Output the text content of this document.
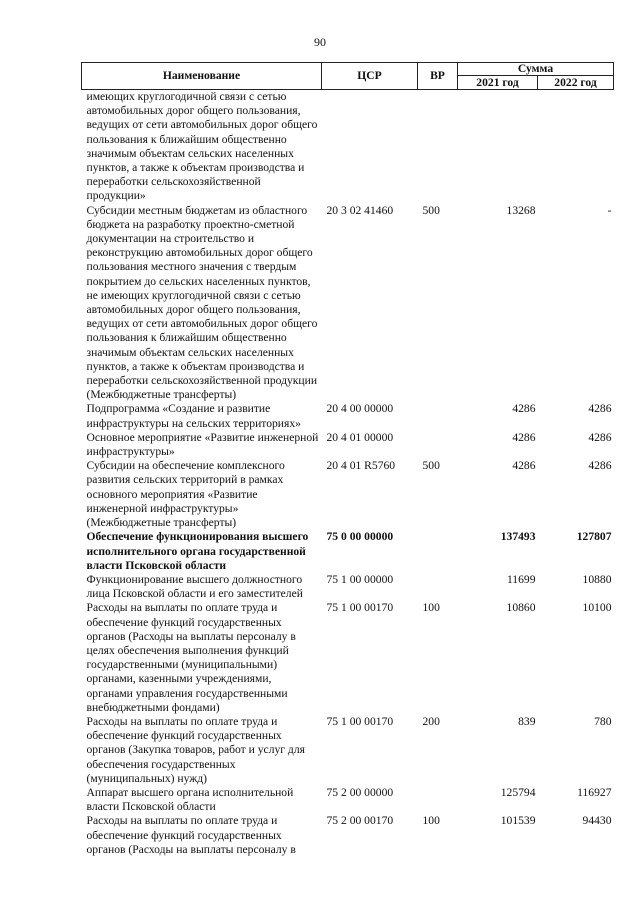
90
Наименование	ЦСР	ВР	Сумма	
			2021 год	2022 год
имеющих круглогодичной связи с сетью автомобильных дорог общего пользования, ведущих от сети автомобильных дорог общего пользования к ближайшим общественно значимым объектам сельских населенных пунктов, а также к объектам производства и переработки сельскохозяйственной продукции»				
Субсидии местным бюджетам из областного бюджета на разработку проектно-сметной документации на строительство и реконструкцию автомобильных дорог общего пользования местного значения с твердым покрытием до сельских населенных пунктов, не имеющих круглогодичной связи с сетью автомобильных дорог общего пользования, ведущих от сети автомобильных дорог общего пользования к ближайшим общественно значимым объектам сельских населенных пунктов, а также к объектам производства и переработки сельскохозяйственной продукции (Межбюджетные трансферты)	20 3 02 41460	500	13268	-
Подпрограмма «Создание и развитие инфраструктуры на сельских территориях»	20 4 00 00000		4286	4286
Основное мероприятие «Развитие инженерной инфраструктуры»	20 4 01 00000		4286	4286
Субсидии на обеспечение комплексного развития сельских территорий в рамках основного мероприятия «Развитие инженерной инфраструктуры» (Межбюджетные трансферты)	20 4 01 R5760	500	4286	4286
Обеспечение функционирования высшего исполнительного органа государственной власти Псковской области	75 0 00 00000		137493	127807
Функционирование высшего должностного лица Псковской области и его заместителей	75 1 00 00000		11699	10880
Расходы на выплаты по оплате труда и обеспечение функций государственных органов (Расходы на выплаты персоналу в целях обеспечения выполнения функций государственными (муниципальными) органами, казенными учреждениями, органами управления государственными внебюджетными фондами)	75 1 00 00170	100	10860	10100
Расходы на выплаты по оплате труда и обеспечение функций государственных органов (Закупка товаров, работ и услуг для обеспечения государственных (муниципальных) нужд)	75 1 00 00170	200	839	780
Аппарат высшего органа исполнительной власти Псковской области	75 2 00 00000		125794	116927
Расходы на выплаты по оплате труда и обеспечение функций государственных органов (Расходы на выплаты персоналу в	75 2 00 00170	100	101539	94430
